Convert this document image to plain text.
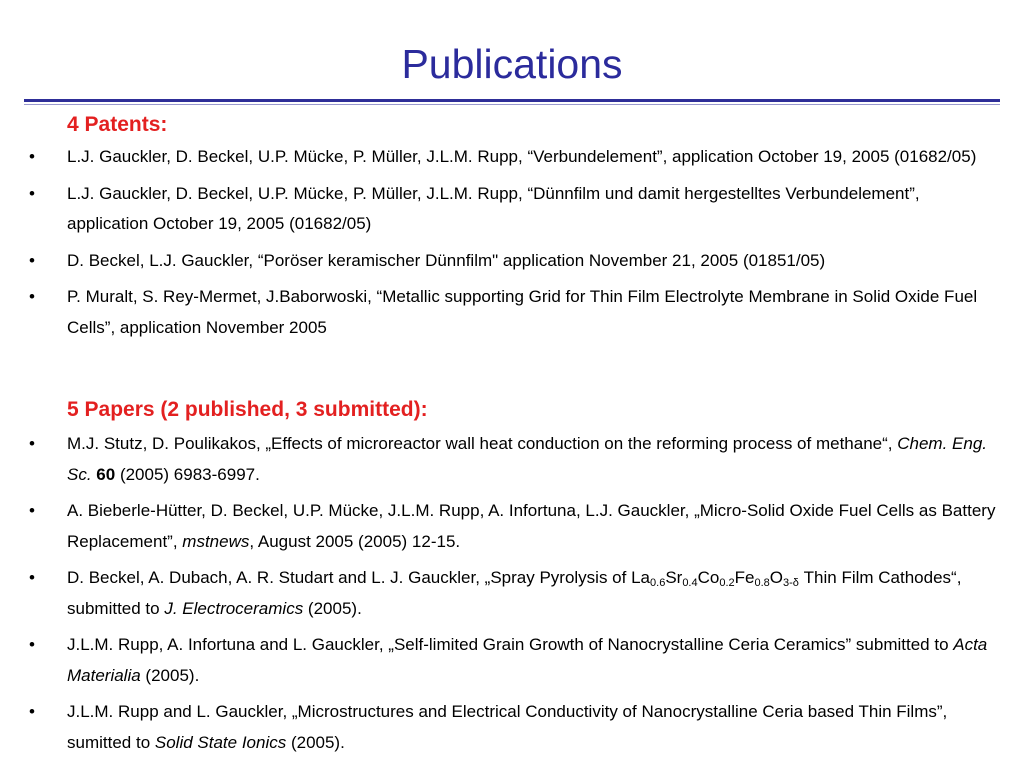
Publications
4 Patents:
• L.J. Gauckler, D. Beckel, U.P. Mücke, P. Müller, J.L.M. Rupp, “Verbundelement”, application October 19, 2005 (01682/05)
• L.J. Gauckler, D. Beckel, U.P. Mücke, P. Müller, J.L.M. Rupp, “Dünnfilm und damit hergestelltes Verbundelement”, application October 19, 2005 (01682/05)
• D. Beckel, L.J. Gauckler, “Poröser keramischer Dünnfilm" application November 21, 2005 (01851/05)
• P. Muralt, S. Rey-Mermet, J.Baborwoski, “Metallic supporting Grid for Thin Film Electrolyte Membrane in Solid Oxide Fuel Cells”, application November 2005
5 Papers (2 published, 3 submitted):
• M.J. Stutz, D. Poulikakos, „Effects of microreactor wall heat conduction on the reforming process of methane“, Chem. Eng. Sc. 60 (2005) 6983-6997.
• A. Bieberle-Hütter, D. Beckel, U.P. Mücke, J.L.M. Rupp, A. Infortuna, L.J. Gauckler, „Micro-Solid Oxide Fuel Cells as Battery Replacement”, mstnews, August 2005 (2005) 12-15.
• D. Beckel, A. Dubach, A. R. Studart and L. J. Gauckler, „Spray Pyrolysis of $La_{0.6}Sr_{0.4}Co_{0.2}Fe_{0.8}O_{3-\delta}$ Thin Film Cathodes“, submitted to J. Electroceramics (2005).
• J.L.M. Rupp, A. Infortuna and L. Gauckler, „Self-limited Grain Growth of Nanocrystalline Ceria Ceramics” submitted to Acta Materialia (2005).
• J.L.M. Rupp and L. Gauckler, „Microstructures and Electrical Conductivity of Nanocrystalline Ceria based Thin Films”, sumitted to Solid State Ionics (2005).
